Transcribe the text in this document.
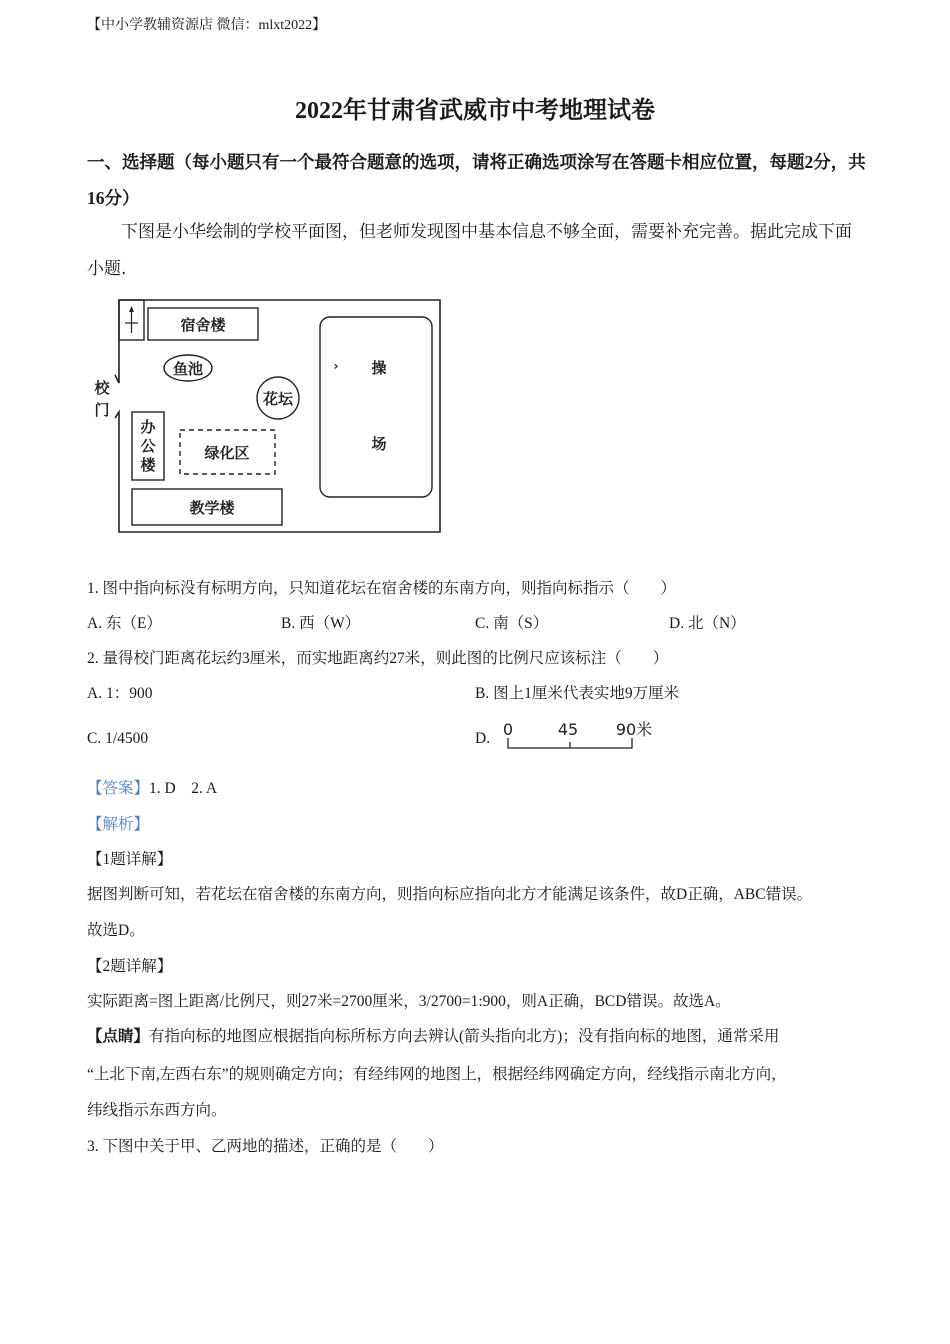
【中小学教辅资源店 微信：mlxt2022】
2022年甘肃省武威市中考地理试卷
一、选择题（每小题只有一个最符合题意的选项，请将正确选项涂写在答题卡相应位置，每题2分，共16分）
下图是小华绘制的学校平面图，但老师发现图中基本信息不够全面，需要补充完善。据此完成下面小题.
宿舍楼
鱼池
花坛
校
门
办
公
楼
绿化区
教学楼
操
场
›
1. 图中指向标没有标明方向，只知道花坛在宿舍楼的东南方向，则指向标指示（　　）
A. 东（E）	B. 西（W）	C. 南（S）	D. 北（N）
2. 量得校门距离花坛约3厘米，而实地距离约27米，则此图的比例尺应该标注（　　）
A. 1：900	B. 图上1厘米代表实地9万厘米
C. 1/4500	D. 0	45 90米
【答案】1. D　2. A
【解析】
【1题详解】
据图判断可知，若花坛在宿舍楼的东南方向，则指向标应指向北方才能满足该条件，故D正确，ABC错误。
故选D。
【2题详解】
实际距离=图上距离/比例尺，则27米=2700厘米，3/2700=1:900，则A正确，BCD错误。故选A。
【点睛】有指向标的地图应根据指向标所标方向去辨认(箭头指向北方)；没有指向标的地图，通常采用
“上北下南,左西右东”的规则确定方向；有经纬网的地图上，根据经纬网确定方向，经线指示南北方向，
纬线指示东西方向。
3. 下图中关于甲、乙两地的描述，正确的是（　　）
